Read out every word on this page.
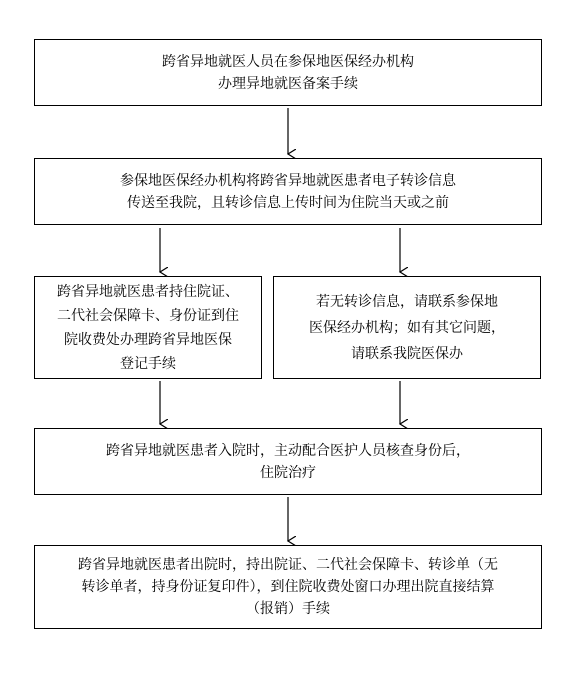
跨省异地就医人员在参保地医保经办机构
办理异地就医备案手续
参保地医保经办机构将跨省异地就医患者电子转诊信息
传送至我院，且转诊信息上传时间为住院当天或之前
跨省异地就医患者持住院证、
二代社会保障卡、身份证到住
院收费处办理跨省异地医保
登记手续
若无转诊信息，请联系参保地
医保经办机构；如有其它问题，
请联系我院医保办
跨省异地就医患者入院时，主动配合医护人员核查身份后，
住院治疗
跨省异地就医患者出院时，持出院证、二代社会保障卡、转诊单（无
转诊单者，持身份证复印件），到住院收费处窗口办理出院直接结算
（报销）手续
